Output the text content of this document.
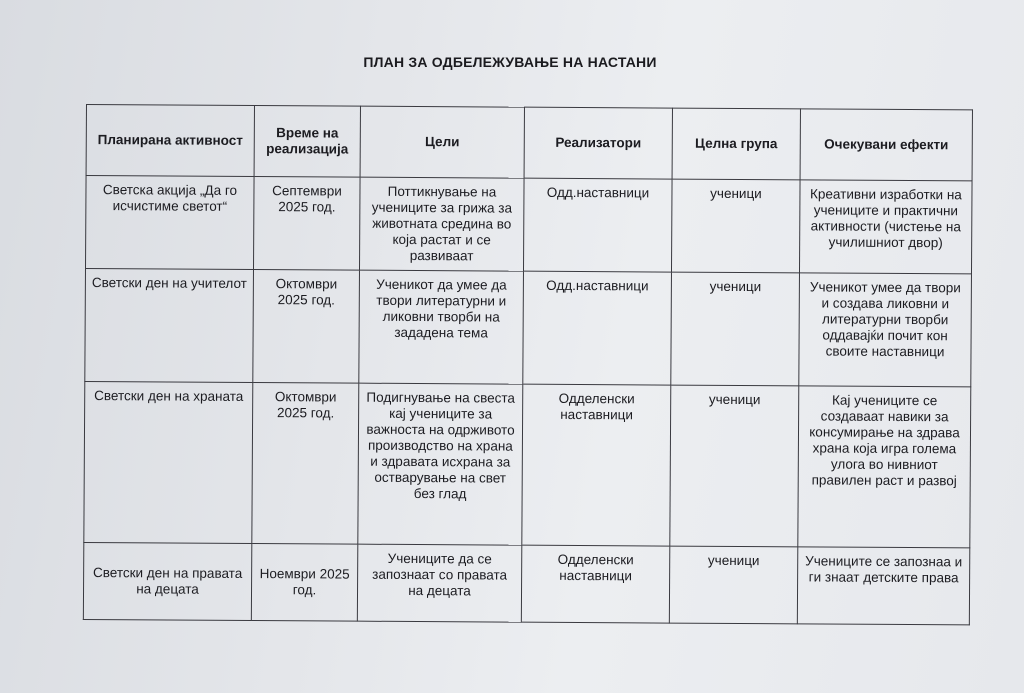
ПЛАН ЗА ОДБЕЛЕЖУВАЊЕ НА НАСТАНИ
Планирана активност	Време на реализација	Цели	Реализатори	Целна група	Очекувани ефекти
Светска акција „Да го исчистиме светот“	Септември 2025 год.	Поттикнување на учениците за грижа за животната средина во која растат и се развиваат	Одд.наставници	ученици	Креативни изработки на учениците и практични активности (чистење на училишниот двор)
Светски ден на учителот	Октомври 2025 год.	Ученикот да умее да твори литературни и ликовни творби на зададена тема	Одд.наставници	ученици	Ученикот умее да твори и создава ликовни и литературни творби оддавајќи почит кон своите наставници
Светски ден на храната	Октомври 2025 год.	Подигнување на свеста кај учениците за важноста на одрживото производство на храна и здравата исхрана за остварување на свет без глад	Одделенски наставници	ученици	Кај учениците се создаваат навики за консумирање на здрава храна која игра голема улога во нивниот правилен раст и развој
Светски ден на правата на децата	Ноември 2025 год.	Учениците да се запознаат со правата на децата	Одделенски наставници	ученици	Учениците се запознаа и ги знаат детските права
